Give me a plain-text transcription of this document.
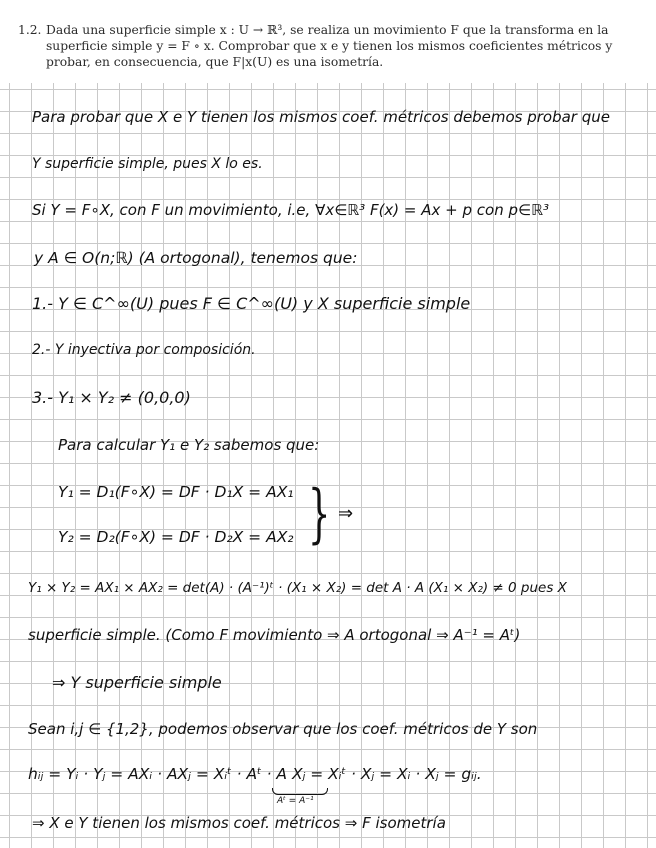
1.2. Dada una superficie simple x : U → ℝ³, se realiza un movimiento F que la transforma en la superficie simple y = F ∘ x. Comprobar que x e y tienen los mismos coeficientes métricos y probar, en consecuencia, que F|x(U) es una isometría.
Para probar que X e Y tienen los mismos coef. métricos debemos probar que
Y superficie simple, pues X lo es.
Si Y = F∘X, con F un movimiento, i.e, ∀x∈ℝ³ F(x) = Ax + p con p∈ℝ³
y A ∈ O(n;ℝ) (A ortogonal), tenemos que:
1.- Y ∈ C^∞(U) pues F ∈ C^∞(U) y X superficie simple
2.- Y inyectiva por composición.
3.- Y₁ × Y₂ ≠ (0,0,0)
Para calcular Y₁ e Y₂ sabemos que:
Y₁ = D₁(F∘X) = DF · D₁X = AX₁
Y₂ = D₂(F∘X) = DF · D₂X = AX₂ } ⇒
Y₁ × Y₂ = AX₁ × AX₂ = det(A) · (A⁻¹)ᵗ · (X₁ × X₂) = det A · A (X₁ × X₂) ≠ 0 pues X
superficie simple. (Como F movimiento ⇒ A ortogonal ⇒ A⁻¹ = Aᵗ)
⇒ Y superficie simple
Sean i,j ∈ {1,2}, podemos observar que los coef. métricos de Y son
hᵢⱼ = Yᵢ · Yⱼ = AXᵢ · AXⱼ = Xᵢᵗ · Aᵗ · A Xⱼ = Xᵢᵗ · Xⱼ = Xᵢ · Xⱼ = gᵢⱼ.
Aᵗ = A⁻¹
⇒ X e Y tienen los mismos coef. métricos ⇒ F isometría
